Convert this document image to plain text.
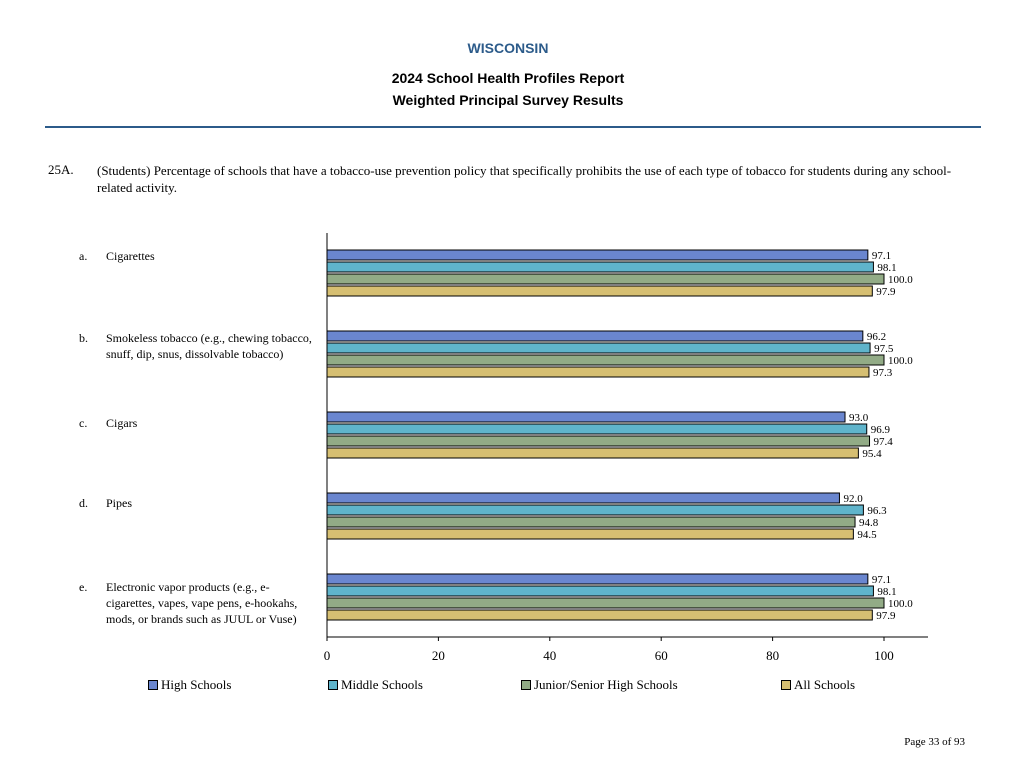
WISCONSIN
2024 School Health Profiles Report
Weighted Principal Survey Results
25A. (Students) Percentage of schools that have a tobacco-use prevention policy that specifically prohibits the use of each type of tobacco for students during any school-related activity.
a. Cigarettes
b. Smokeless tobacco (e.g., chewing tobacco, snuff, dip, snus, dissolvable tobacco)
c. Cigars
d. Pipes
e. Electronic vapor products (e.g., e-cigarettes, vapes, vape pens, e-hookahs, mods, or brands such as JUUL or Vuse)
0	20	40	60	80	100
97.1
98.1
100.0
97.9
96.2
97.5
100.0
97.3
93.0
96.9
97.4
95.4
92.0
96.3
94.8
94.5
97.1
98.1
100.0
97.9
High Schools	Middle Schools	Junior/Senior High Schools	All Schools
Page 33 of 93
